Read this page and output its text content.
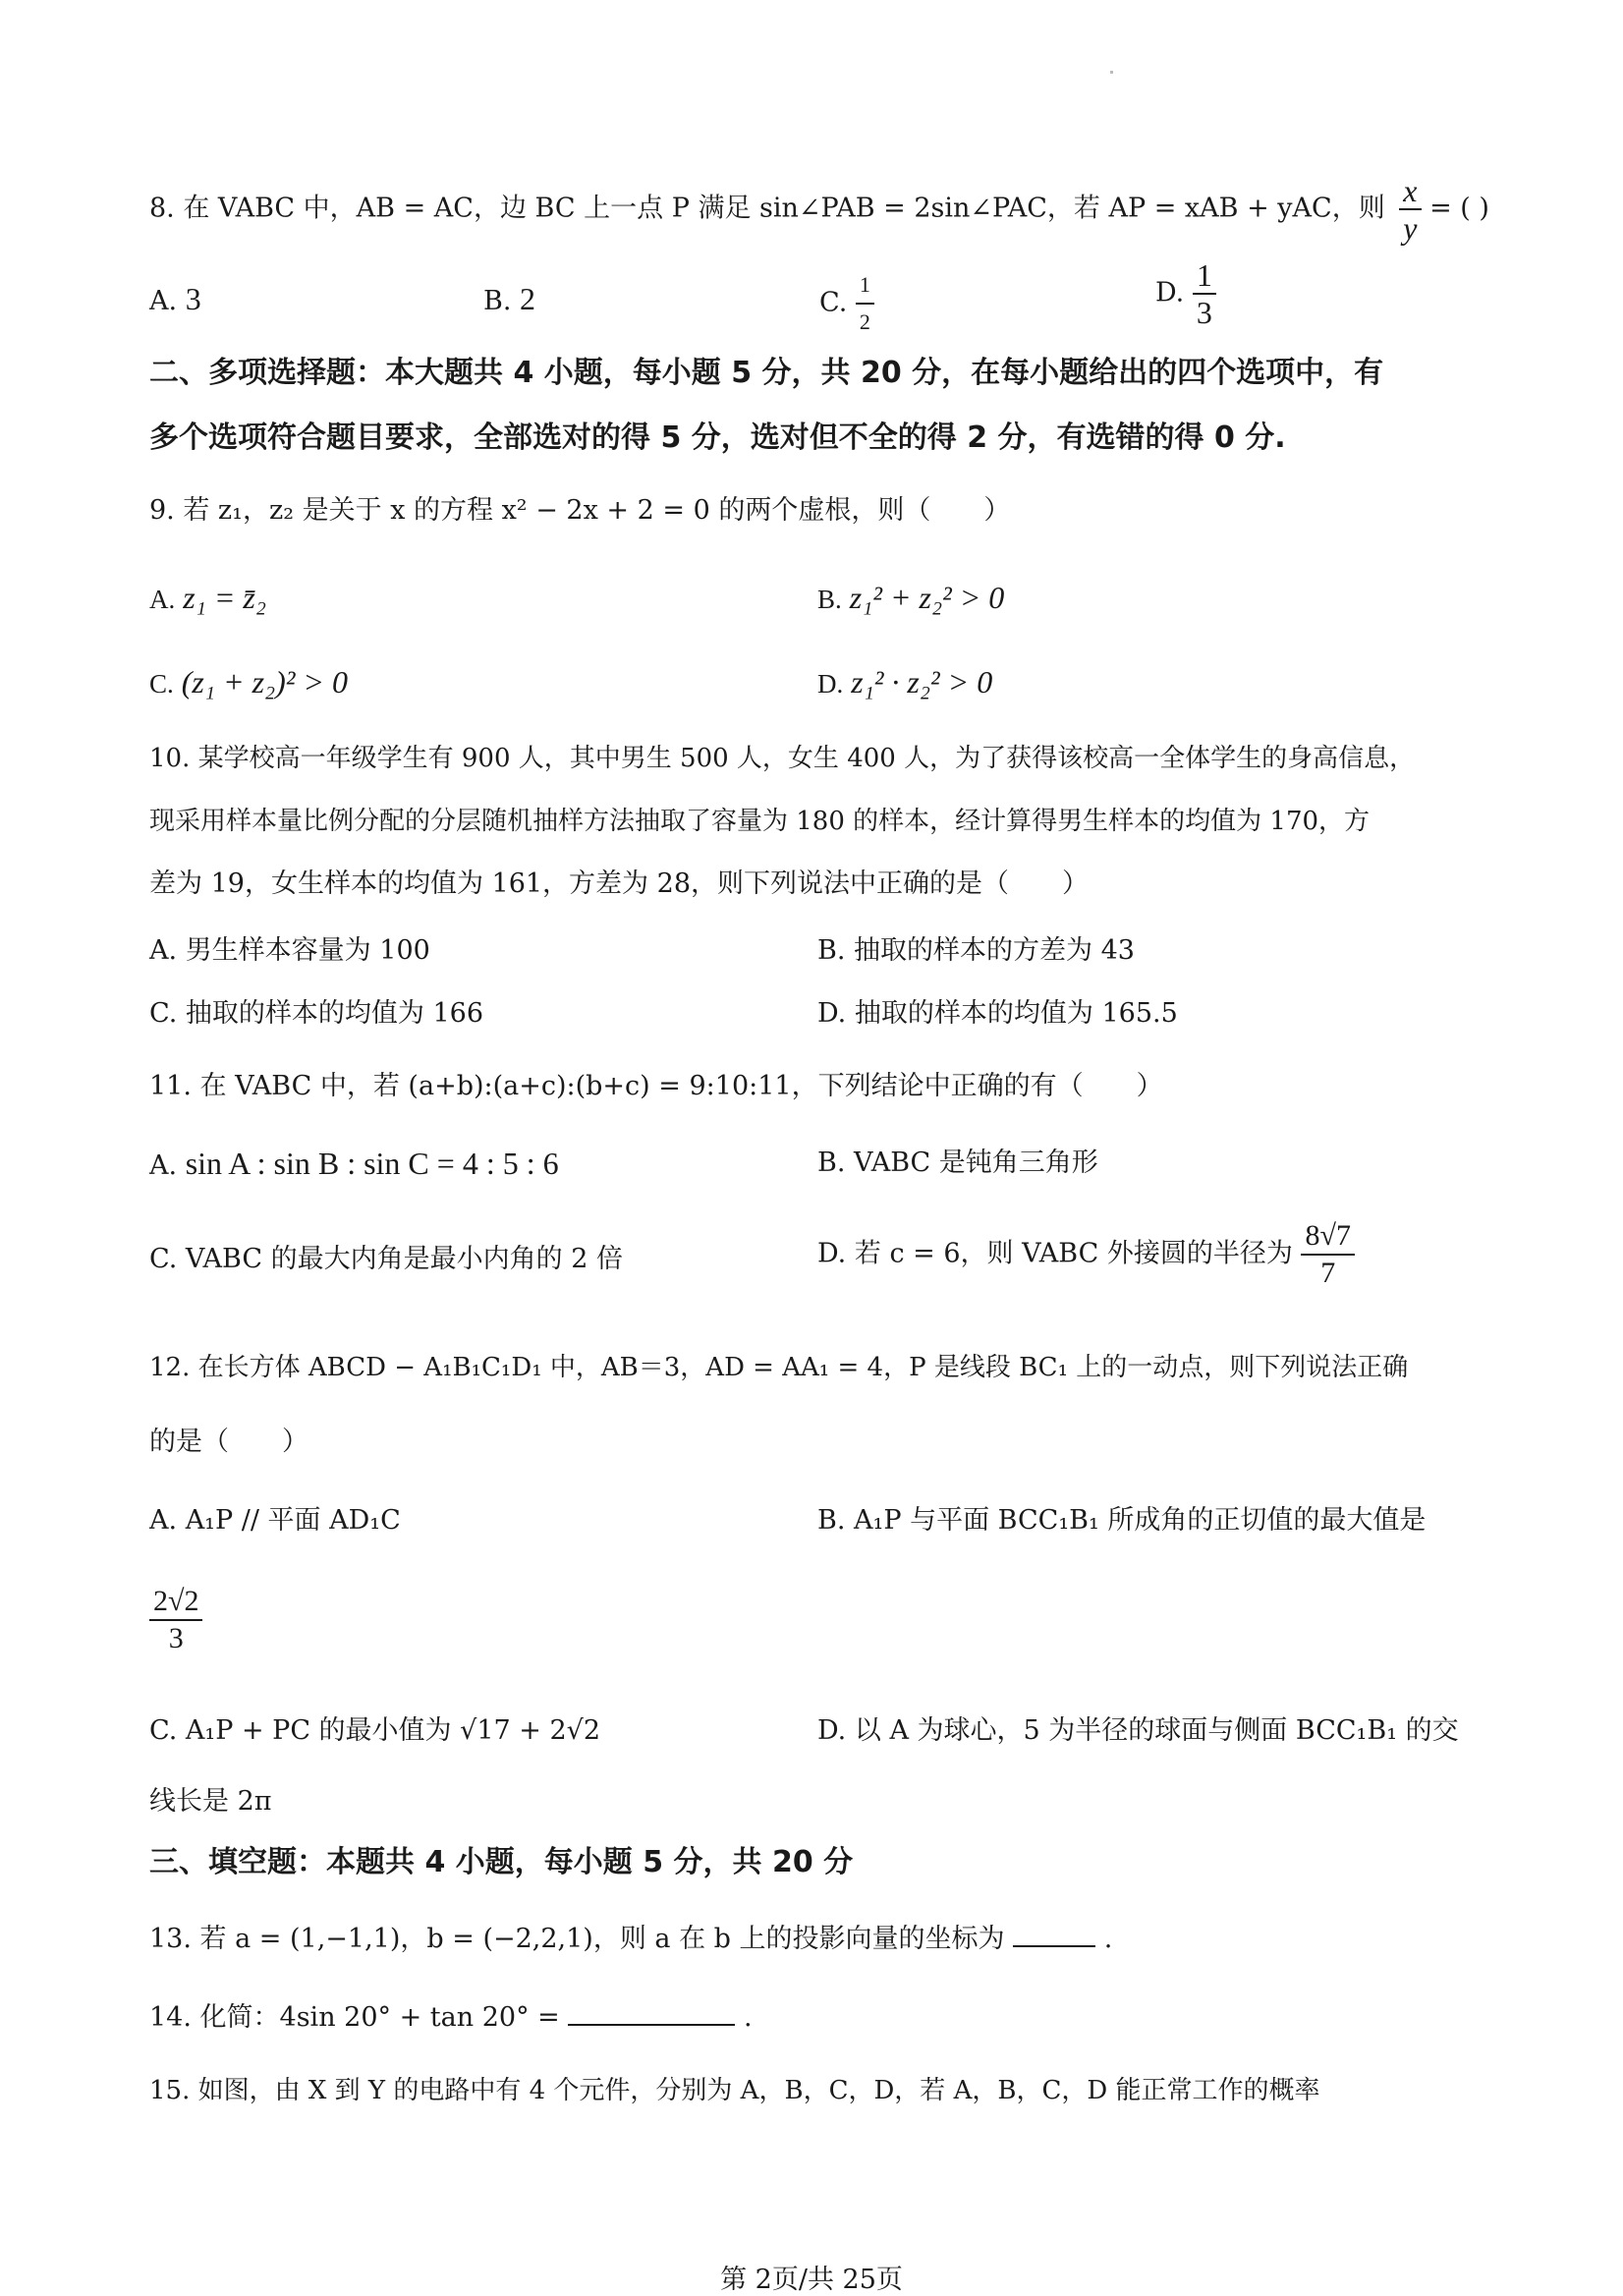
8. 在 VABC 中，AB = AC，边 BC 上一点 P 满足 sin∠PAB = 2sin∠PAC，若 AP = xAB + yAC，则 $\frac{x}{y}$ = ( )
A. 3	B. 2	C. $\frac{1}{2}$	D. $\frac{1}{3}$
二、多项选择题：本大题共 4 小题，每小题 5 分，共 20 分，在每小题给出的四个选项中，有
多个选项符合题目要求，全部选对的得 5 分，选对但不全的得 2 分，有选错的得 0 分.
9. 若 z₁，z₂ 是关于 x 的方程 x² − 2x + 2 = 0 的两个虚根，则（　　）
A. z₁ = z̄₂	B. z₁² + z₂² > 0
C. (z₁ + z₂)² > 0	D. z₁² · z₂² > 0
10. 某学校高一年级学生有 900 人，其中男生 500 人，女生 400 人，为了获得该校高一全体学生的身高信息，
现采用样本量比例分配的分层随机抽样方法抽取了容量为 180 的样本，经计算得男生样本的均值为 170，方
差为 19，女生样本的均值为 161，方差为 28，则下列说法中正确的是（　　）
A. 男生样本容量为 100	B. 抽取的样本的方差为 43
C. 抽取的样本的均值为 166	D. 抽取的样本的均值为 165.5
11. 在 VABC 中，若 (a+b):(a+c):(b+c) = 9:10:11，下列结论中正确的有（　　）
A. sin A : sin B : sin C = 4 : 5 : 6	B. VABC 是钝角三角形
C. VABC 的最大内角是最小内角的 2 倍	D. 若 c = 6，则 VABC 外接圆的半径为 $\frac{8√7}{7}$
12. 在长方体 ABCD − A₁B₁C₁D₁ 中，AB＝3，AD = AA₁ = 4，P 是线段 BC₁ 上的一动点，则下列说法正确
的是（　　）
A. A₁P // 平面 AD₁C	B. A₁P 与平面 BCC₁B₁ 所成角的正切值的最大值是
$\frac{2√2}{3}$
C. A₁P + PC 的最小值为 √17 + 2√2	D. 以 A 为球心，5 为半径的球面与侧面 BCC₁B₁ 的交
线长是 2π
三、填空题：本题共 4 小题，每小题 5 分，共 20 分
13. 若 a = (1,−1,1)，b = (−2,2,1)，则 a 在 b 上的投影向量的坐标为	.
14. 化简：4sin 20° + tan 20° =	.
15. 如图，由 X 到 Y 的电路中有 4 个元件，分别为 A，B，C，D，若 A，B，C，D 能正常工作的概率
第 2页/共 25页
